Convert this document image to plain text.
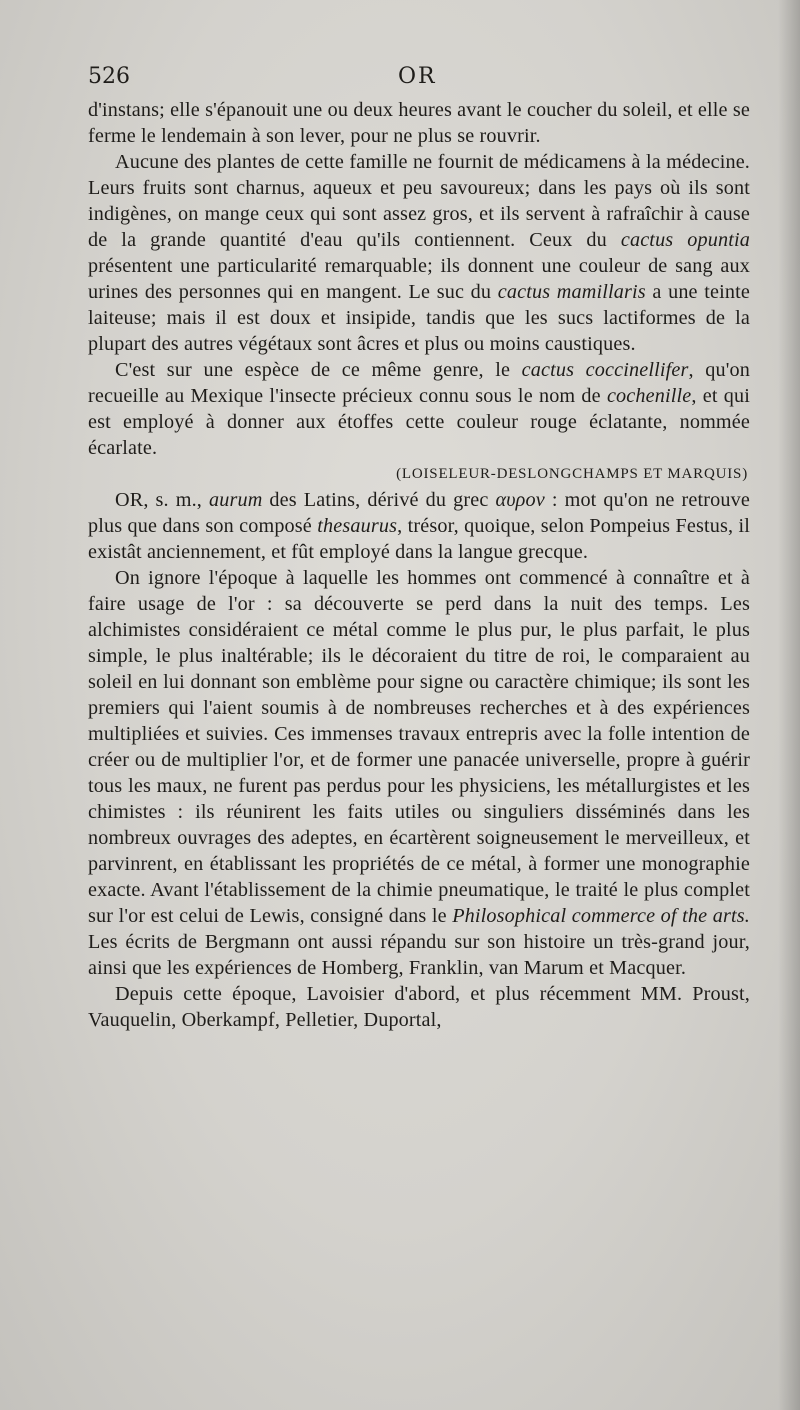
526	OR

d'instans; elle s'épanouit une ou deux heures avant le coucher du soleil, et elle se ferme le lendemain à son lever, pour ne plus se rouvrir.

Aucune des plantes de cette famille ne fournit de médicamens à la médecine. Leurs fruits sont charnus, aqueux et peu savoureux; dans les pays où ils sont indigènes, on mange ceux qui sont assez gros, et ils servent à rafraîchir à cause de la grande quantité d'eau qu'ils contiennent. Ceux du cactus opuntia présentent une particularité remarquable; ils donnent une couleur de sang aux urines des personnes qui en mangent. Le suc du cactus mamillaris a une teinte laiteuse; mais il est doux et insipide, tandis que les sucs lactiformes de la plupart des autres végétaux sont âcres et plus ou moins caustiques.

C'est sur une espèce de ce même genre, le cactus coccinellifer, qu'on recueille au Mexique l'insecte précieux connu sous le nom de cochenille, et qui est employé à donner aux étoffes cette couleur rouge éclatante, nommée écarlate.

(LOISELEUR-DESLONGCHAMPS ET MARQUIS)

OR, s. m., aurum des Latins, dérivé du grec αυρον : mot qu'on ne retrouve plus que dans son composé thesaurus, trésor, quoique, selon Pompeius Festus, il existât anciennement, et fût employé dans la langue grecque.

On ignore l'époque à laquelle les hommes ont commencé à connaître et à faire usage de l'or : sa découverte se perd dans la nuit des temps. Les alchimistes considéraient ce métal comme le plus pur, le plus parfait, le plus simple, le plus inaltérable; ils le décoraient du titre de roi, le comparaient au soleil en lui donnant son emblème pour signe ou caractère chimique; ils sont les premiers qui l'aient soumis à de nombreuses recherches et à des expériences multipliées et suivies. Ces immenses travaux entrepris avec la folle intention de créer ou de multiplier l'or, et de former une panacée universelle, propre à guérir tous les maux, ne furent pas perdus pour les physiciens, les métallurgistes et les chimistes : ils réunirent les faits utiles ou singuliers disséminés dans les nombreux ouvrages des adeptes, en écartèrent soigneusement le merveilleux, et parvinrent, en établissant les propriétés de ce métal, à former une monographie exacte. Avant l'établissement de la chimie pneumatique, le traité le plus complet sur l'or est celui de Lewis, consigné dans le Philosophical commerce of the arts. Les écrits de Bergmann ont aussi répandu sur son histoire un très-grand jour, ainsi que les expériences de Homberg, Franklin, van Marum et Macquer.

Depuis cette époque, Lavoisier d'abord, et plus récemment MM. Proust, Vauquelin, Oberkampf, Pelletier, Duportal,
